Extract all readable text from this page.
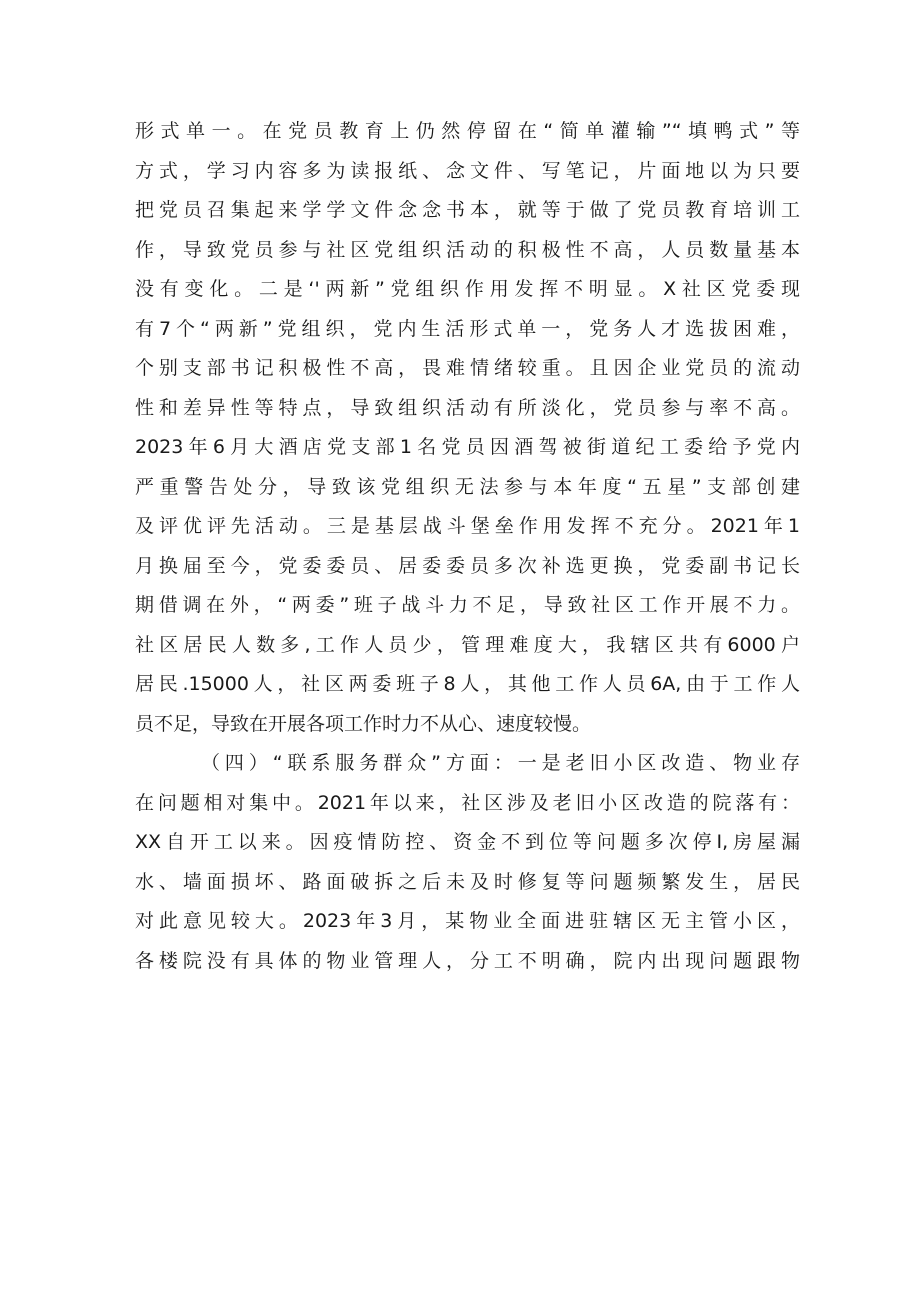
形式单一。在党员教育上仍然停留在“简单灌输”“填鸭式”等
方式，学习内容多为读报纸、念文件、写笔记，片面地以为只要
把党员召集起来学学文件念念书本，就等于做了党员教育培训工
作，导致党员参与社区党组织活动的积极性不高，人员数量基本
没有变化。二是‘'两新”党组织作用发挥不明显。X社区党委现
有7个“两新”党组织，党内生活形式单一，党务人才选拔困难，
个别支部书记积极性不高，畏难情绪较重。且因企业党员的流动
性和差异性等特点，导致组织活动有所淡化，党员参与率不高。
2023年6月大酒店党支部1名党员因酒驾被街道纪工委给予党内
严重警告处分，导致该党组织无法参与本年度“五星”支部创建
及评优评先活动。三是基层战斗堡垒作用发挥不充分。2021年1
月换届至今，党委委员、居委委员多次补选更换，党委副书记长
期借调在外，“两委”班子战斗力不足，导致社区工作开展不力。
社区居民人数多,工作人员少，管理难度大，我辖区共有6000户
居民.15000人，社区两委班子8人，其他工作人员6A,由于工作人
员不足，导致在开展各项工作时力不从心、速度较慢。
（四）“联系服务群众”方面：一是老旧小区改造、物业存
在问题相对集中。2021年以来，社区涉及老旧小区改造的院落有：
XX自开工以来。因疫情防控、资金不到位等问题多次停I,房屋漏
水、墙面损坏、路面破拆之后未及时修复等问题频繁发生，居民
对此意见较大。2023年3月，某物业全面进驻辖区无主管小区，
各楼院没有具体的物业管理人，分工不明确，院内出现问题跟物
